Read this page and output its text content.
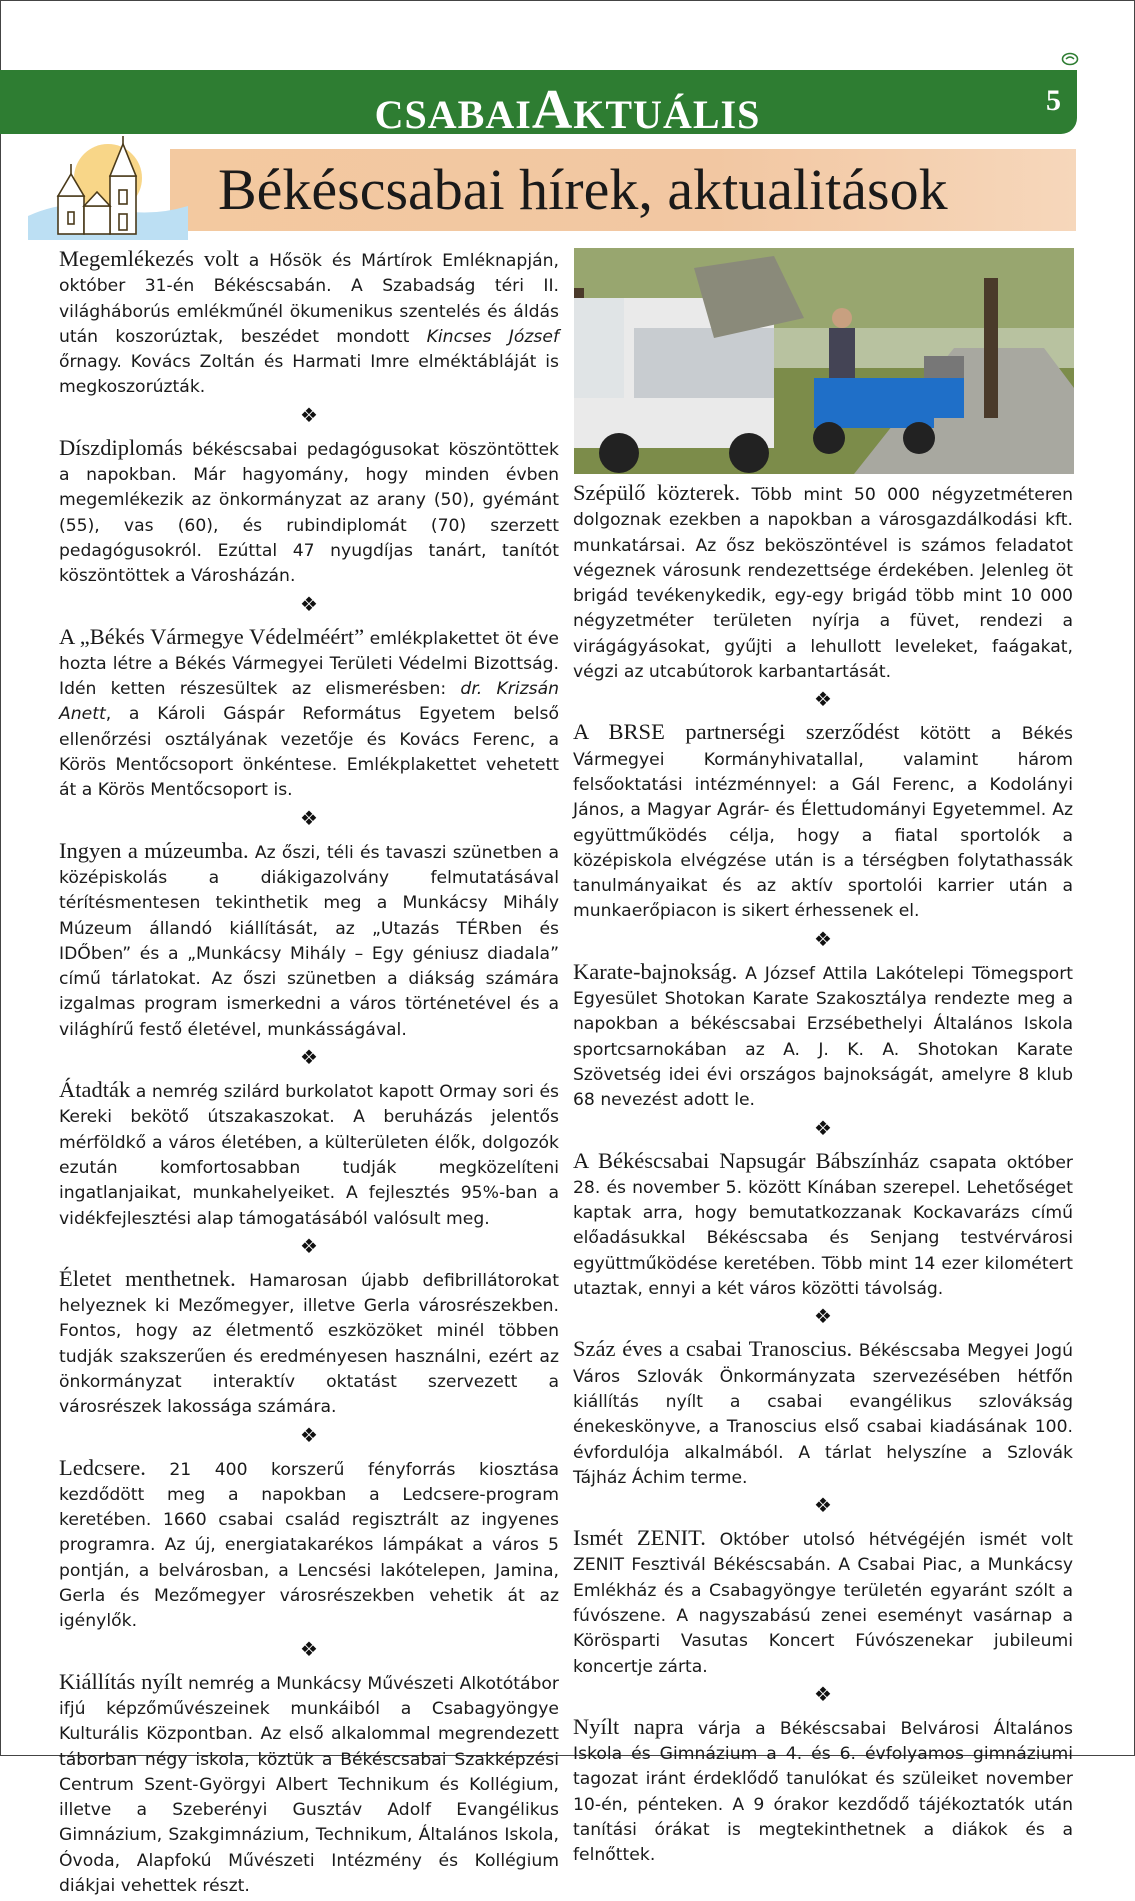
CSABAIAKTUÁLIS	5
Békéscsabai hírek, aktualitások

Megemlékezés volt a Hősök és Mártírok Emléknapján, október 31-én Békéscsabán. A Szabadság téri II. világháborús emlékműnél ökumenikus szentelés és áldás után koszorúztak, beszédet mondott Kincses József őrnagy. Kovács Zoltán és Harmati Imre elméktábláját is megkoszorúzták.

❖

Díszdiplomás békéscsabai pedagógusokat köszöntöttek a napokban. Már hagyomány, hogy minden évben megemlékezik az önkormányzat az arany (50), gyémánt (55), vas (60), és rubindiplomát (70) szerzett pedagógusokról. Ezúttal 47 nyugdíjas tanárt, tanítót köszöntöttek a Városházán.

❖

A „Békés Vármegye Védelméért” emlékplakettet öt éve hozta létre a Békés Vármegyei Területi Védelmi Bizottság. Idén ketten részesültek az elismerésben: dr. Krizsán Anett, a Károli Gáspár Református Egyetem belső ellenőrzési osztályának vezetője és Kovács Ferenc, a Körös Mentőcsoport önkéntese. Emlékplakettet vehetett át a Körös Mentőcsoport is.

❖

Ingyen a múzeumba. Az őszi, téli és tavaszi szünetben a középiskolás a diákigazolvány felmutatásával térítésmentesen tekinthetik meg a Munkácsy Mihály Múzeum állandó kiállítását, az „Utazás TÉRben és IDŐben” és a „Munkácsy Mihály – Egy géniusz diadala” című tárlatokat. Az őszi szünetben a diákság számára izgalmas program ismerkedni a város történetével és a világhírű festő életével, munkásságával.

❖

Átadták a nemrég szilárd burkolatot kapott Ormay sori és Kereki bekötő útszakaszokat. A beruházás jelentős mérföldkő a város életében, a külterületen élők, dolgozók ezután komfortosabban tudják megközelíteni ingatlanjaikat, munkahelyeiket. A fejlesztés 95%-ban a vidékfejlesztési alap támogatásából valósult meg.

❖

Életet menthetnek. Hamarosan újabb defibrillátorokat helyeznek ki Mezőmegyer, illetve Gerla városrészekben. Fontos, hogy az életmentő eszközöket minél többen tudják szakszerűen és eredményesen használni, ezért az önkormányzat interaktív oktatást szervezett a városrészek lakossága számára.

❖

Ledcsere. 21 400 korszerű fényforrás kiosztása kezdődött meg a napokban a Ledcsere-program keretében. 1660 csabai család regisztrált az ingyenes programra. Az új, energiatakarékos lámpákat a város 5 pontján, a belvárosban, a Lencsési lakótelepen, Jamina, Gerla és Mezőmegyer városrészekben vehetik át az igénylők.

❖

Kiállítás nyílt nemrég a Munkácsy Művészeti Alkotótábor ifjú képzőművészeinek munkáiból a Csabagyöngye Kulturális Központban. Az első alkalommal megrendezett táborban négy iskola, köztük a Békéscsabai Szakképzési Centrum Szent-Györgyi Albert Technikum és Kollégium, illetve a Szeberényi Gusztáv Adolf Evangélikus Gimnázium, Szakgimnázium, Technikum, Általános Iskola, Óvoda, Alapfokú Művészeti Intézmény és Kollégium diákjai vehettek részt.

Szépülő közterek. Több mint 50 000 négyzetméteren dolgoznak ezekben a napokban a városgazdálkodási kft. munkatársai. Az ősz beköszöntével is számos feladatot végeznek városunk rendezettsége érdekében. Jelenleg öt brigád tevékenykedik, egy-egy brigád több mint 10 000 négyzetméter területen nyírja a füvet, rendezi a virágágyásokat, gyűjti a lehullott leveleket, faágakat, végzi az utcabútorok karbantartását.

❖

A BRSE partnerségi szerződést kötött a Békés Vármegyei Kormányhivatallal, valamint három felsőoktatási intézménnyel: a Gál Ferenc, a Kodolányi János, a Magyar Agrár- és Élettudományi Egyetemmel. Az együttműködés célja, hogy a fiatal sportolók a középiskola elvégzése után is a térségben folytathassák tanulmányaikat és az aktív sportolói karrier után a munkaerőpiacon is sikert érhessenek el.

❖

Karate-bajnokság. A József Attila Lakótelepi Tömegsport Egyesület Shotokan Karate Szakosztálya rendezte meg a napokban a békéscsabai Erzsébethelyi Általános Iskola sportcsarnokában az A. J. K. A. Shotokan Karate Szövetség idei évi országos bajnokságát, amelyre 8 klub 68 nevezést adott le.

❖

A Békéscsabai Napsugár Bábszínház csapata október 28. és november 5. között Kínában szerepel. Lehetőséget kaptak arra, hogy bemutatkozzanak Kockavarázs című előadásukkal Békéscsaba és Senjang testvérvárosi együttműködése keretében. Több mint 14 ezer kilométert utaztak, ennyi a két város közötti távolság.

❖

Száz éves a csabai Tranoscius. Békéscsaba Megyei Jogú Város Szlovák Önkormányzata szervezésében hétfőn kiállítás nyílt a csabai evangélikus szlovákság énekeskönyve, a Tranoscius első csabai kiadásának 100. évfordulója alkalmából. A tárlat helyszíne a Szlovák Tájház Áchim terme.

❖

Ismét ZENIT. Október utolsó hétvégéjén ismét volt ZENIT Fesztivál Békéscsabán. A Csabai Piac, a Munkácsy Emlékház és a Csabagyöngye területén egyaránt szólt a fúvószene. A nagyszabású zenei eseményt vasárnap a Körösparti Vasutas Koncert Fúvószenekar jubileumi koncertje zárta.

❖

Nyílt napra várja a Békéscsabai Belvárosi Általános Iskola és Gimnázium a 4. és 6. évfolyamos gimnáziumi tagozat iránt érdeklődő tanulókat és szüleiket november 10-én, pénteken. A 9 órakor kezdődő tájékoztatók után tanítási órákat is megtekinthetnek a diákok és a felnőttek.
